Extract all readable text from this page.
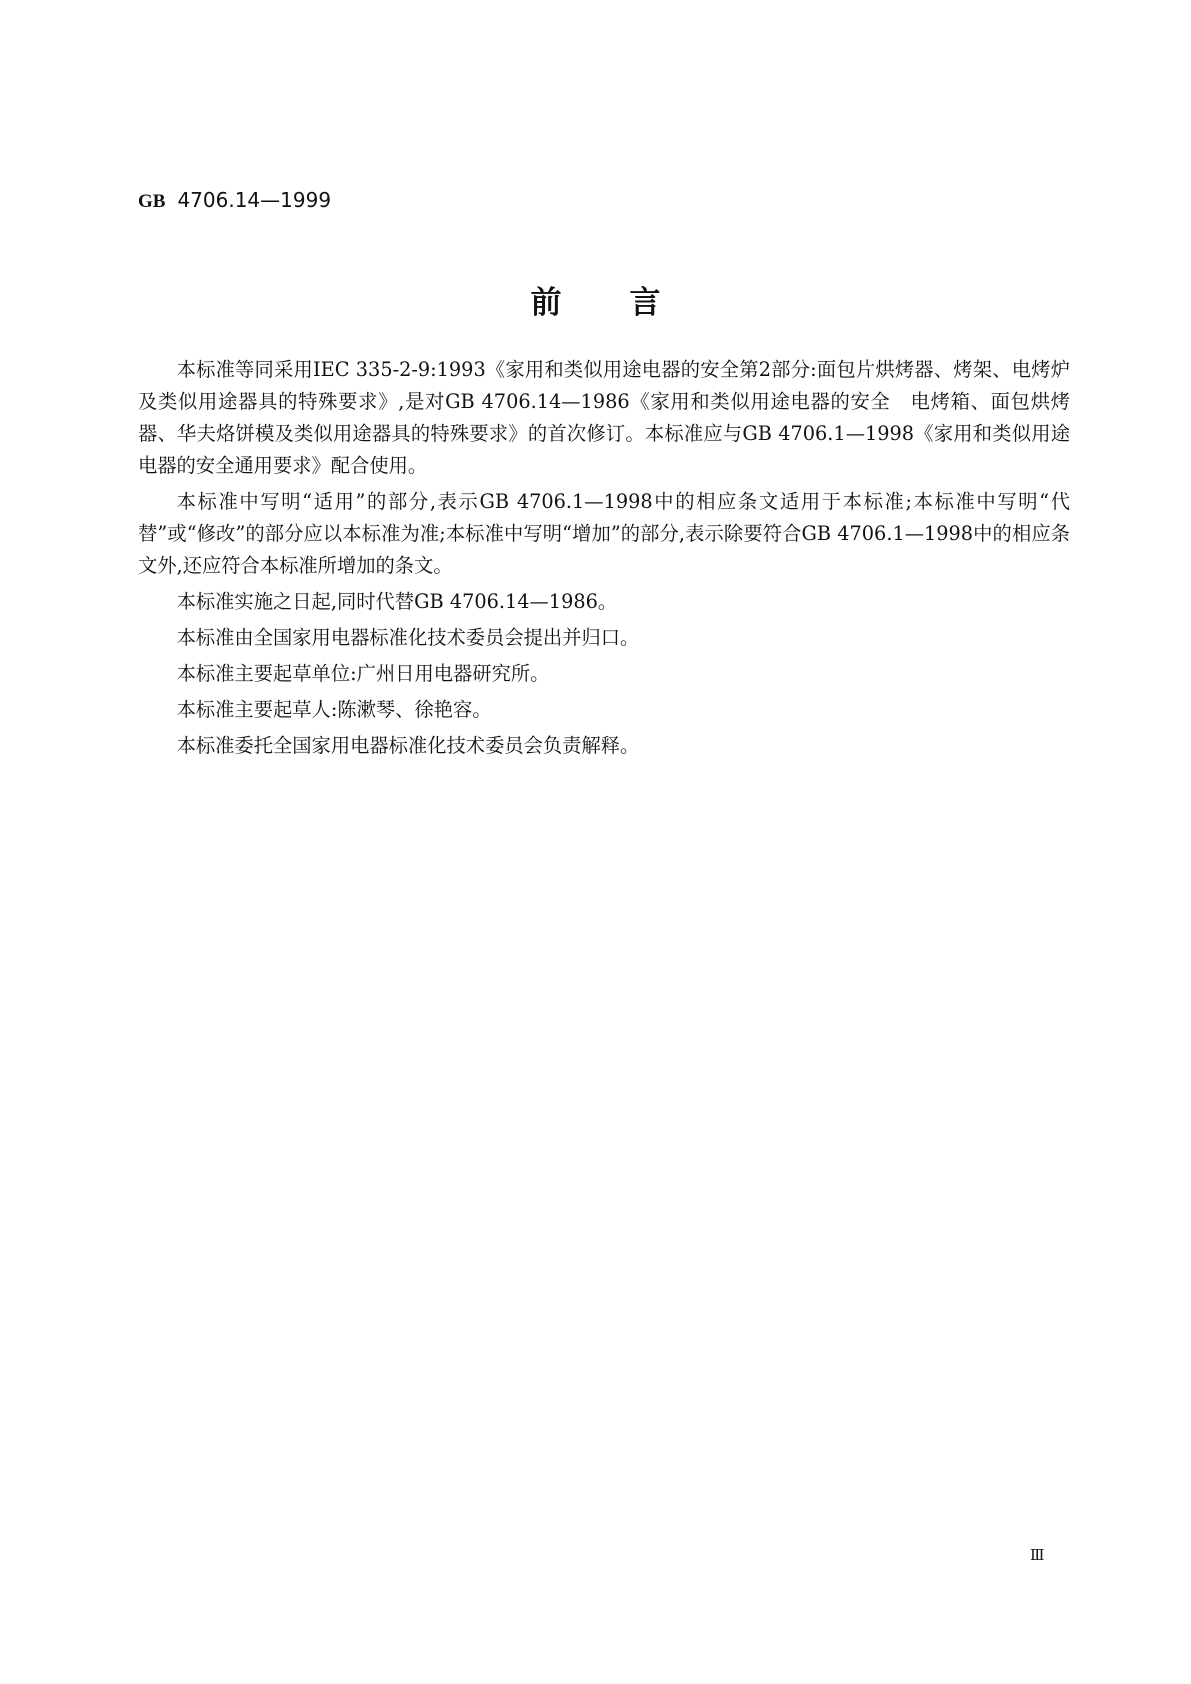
GB 4706.14—1999
前言

本标准等同采用IEC 335-2-9:1993《家用和类似用途电器的安全第2部分:面包片烘烤器、烤架、电烤炉及类似用途器具的特殊要求》,是对GB 4706.14—1986《家用和类似用途电器的安全　电烤箱、面包烘烤器、华夫烙饼模及类似用途器具的特殊要求》的首次修订。本标准应与GB 4706.1—1998《家用和类似用途电器的安全通用要求》配合使用。

本标准中写明“适用”的部分,表示GB 4706.1—1998中的相应条文适用于本标准;本标准中写明“代替”或“修改”的部分应以本标准为准;本标准中写明“增加”的部分,表示除要符合GB 4706.1—1998中的相应条文外,还应符合本标准所增加的条文。

本标准实施之日起,同时代替GB 4706.14—1986。

本标准由全国家用电器标准化技术委员会提出并归口。

本标准主要起草单位:广州日用电器研究所。

本标准主要起草人:陈漱琴、徐艳容。

本标准委托全国家用电器标准化技术委员会负责解释。

Ⅲ
